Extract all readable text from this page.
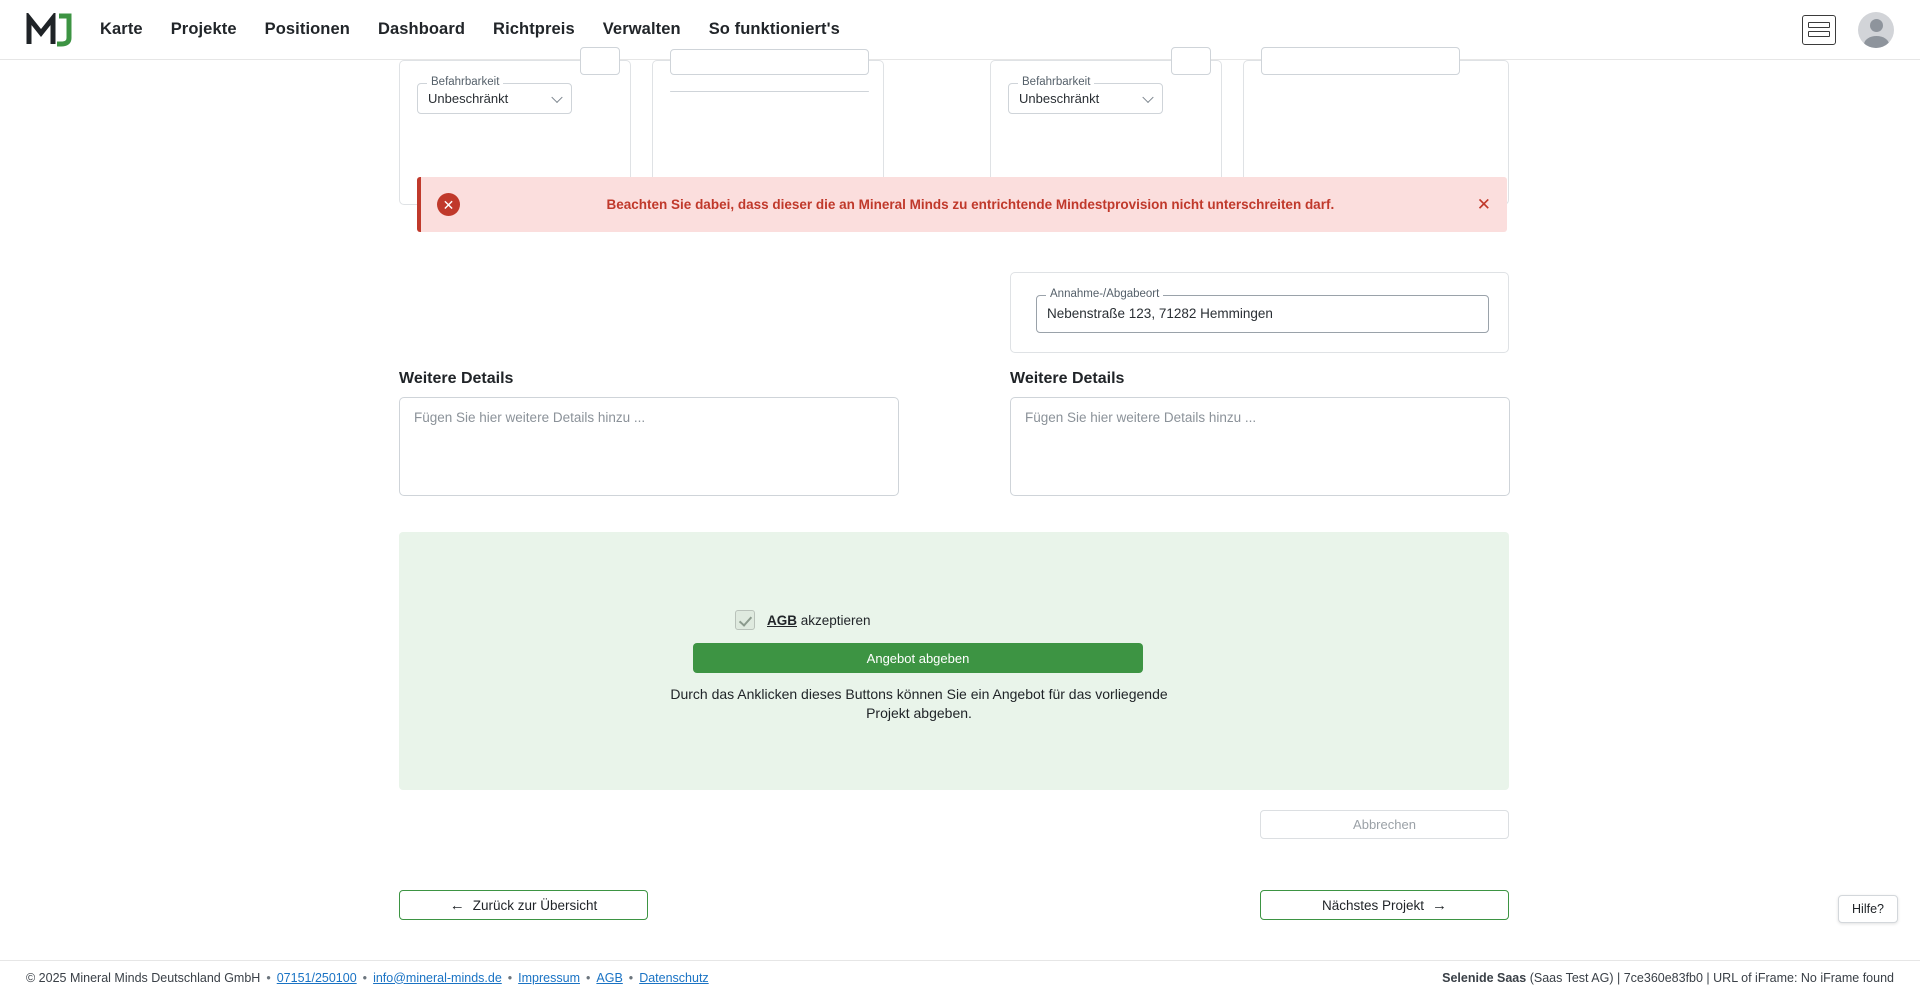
Karte Projekte Positionen Dashboard Richtpreis Verwalten So funktioniert's
Befahrbarkeit
Unbeschränkt
Befahrbarkeit
Unbeschränkt
✕	Beachten Sie dabei, dass dieser die an Mineral Minds zu entrichtende Mindestprovision nicht unterschreiten darf.	✕
Annahme-/Abgabeort
Nebenstraße 123, 71282 Hemmingen
Weitere Details
Fügen Sie hier weitere Details hinzu ...
Weitere Details
Fügen Sie hier weitere Details hinzu ...
AGB akzeptieren
Angebot abgeben
Durch das Anklicken dieses Buttons können Sie ein Angebot für das vorliegende Projekt abgeben.
Abbrechen
← Zurück zur Übersicht	Nächstes Projekt →	Hilfe?
© 2025 Mineral Minds Deutschland GmbH • 07151/250100 • info@mineral-minds.de • Impressum • AGB • Datenschutz	Selenide Saas (Saas Test AG) | 7ce360e83fb0 | URL of iFrame: No iFrame found
